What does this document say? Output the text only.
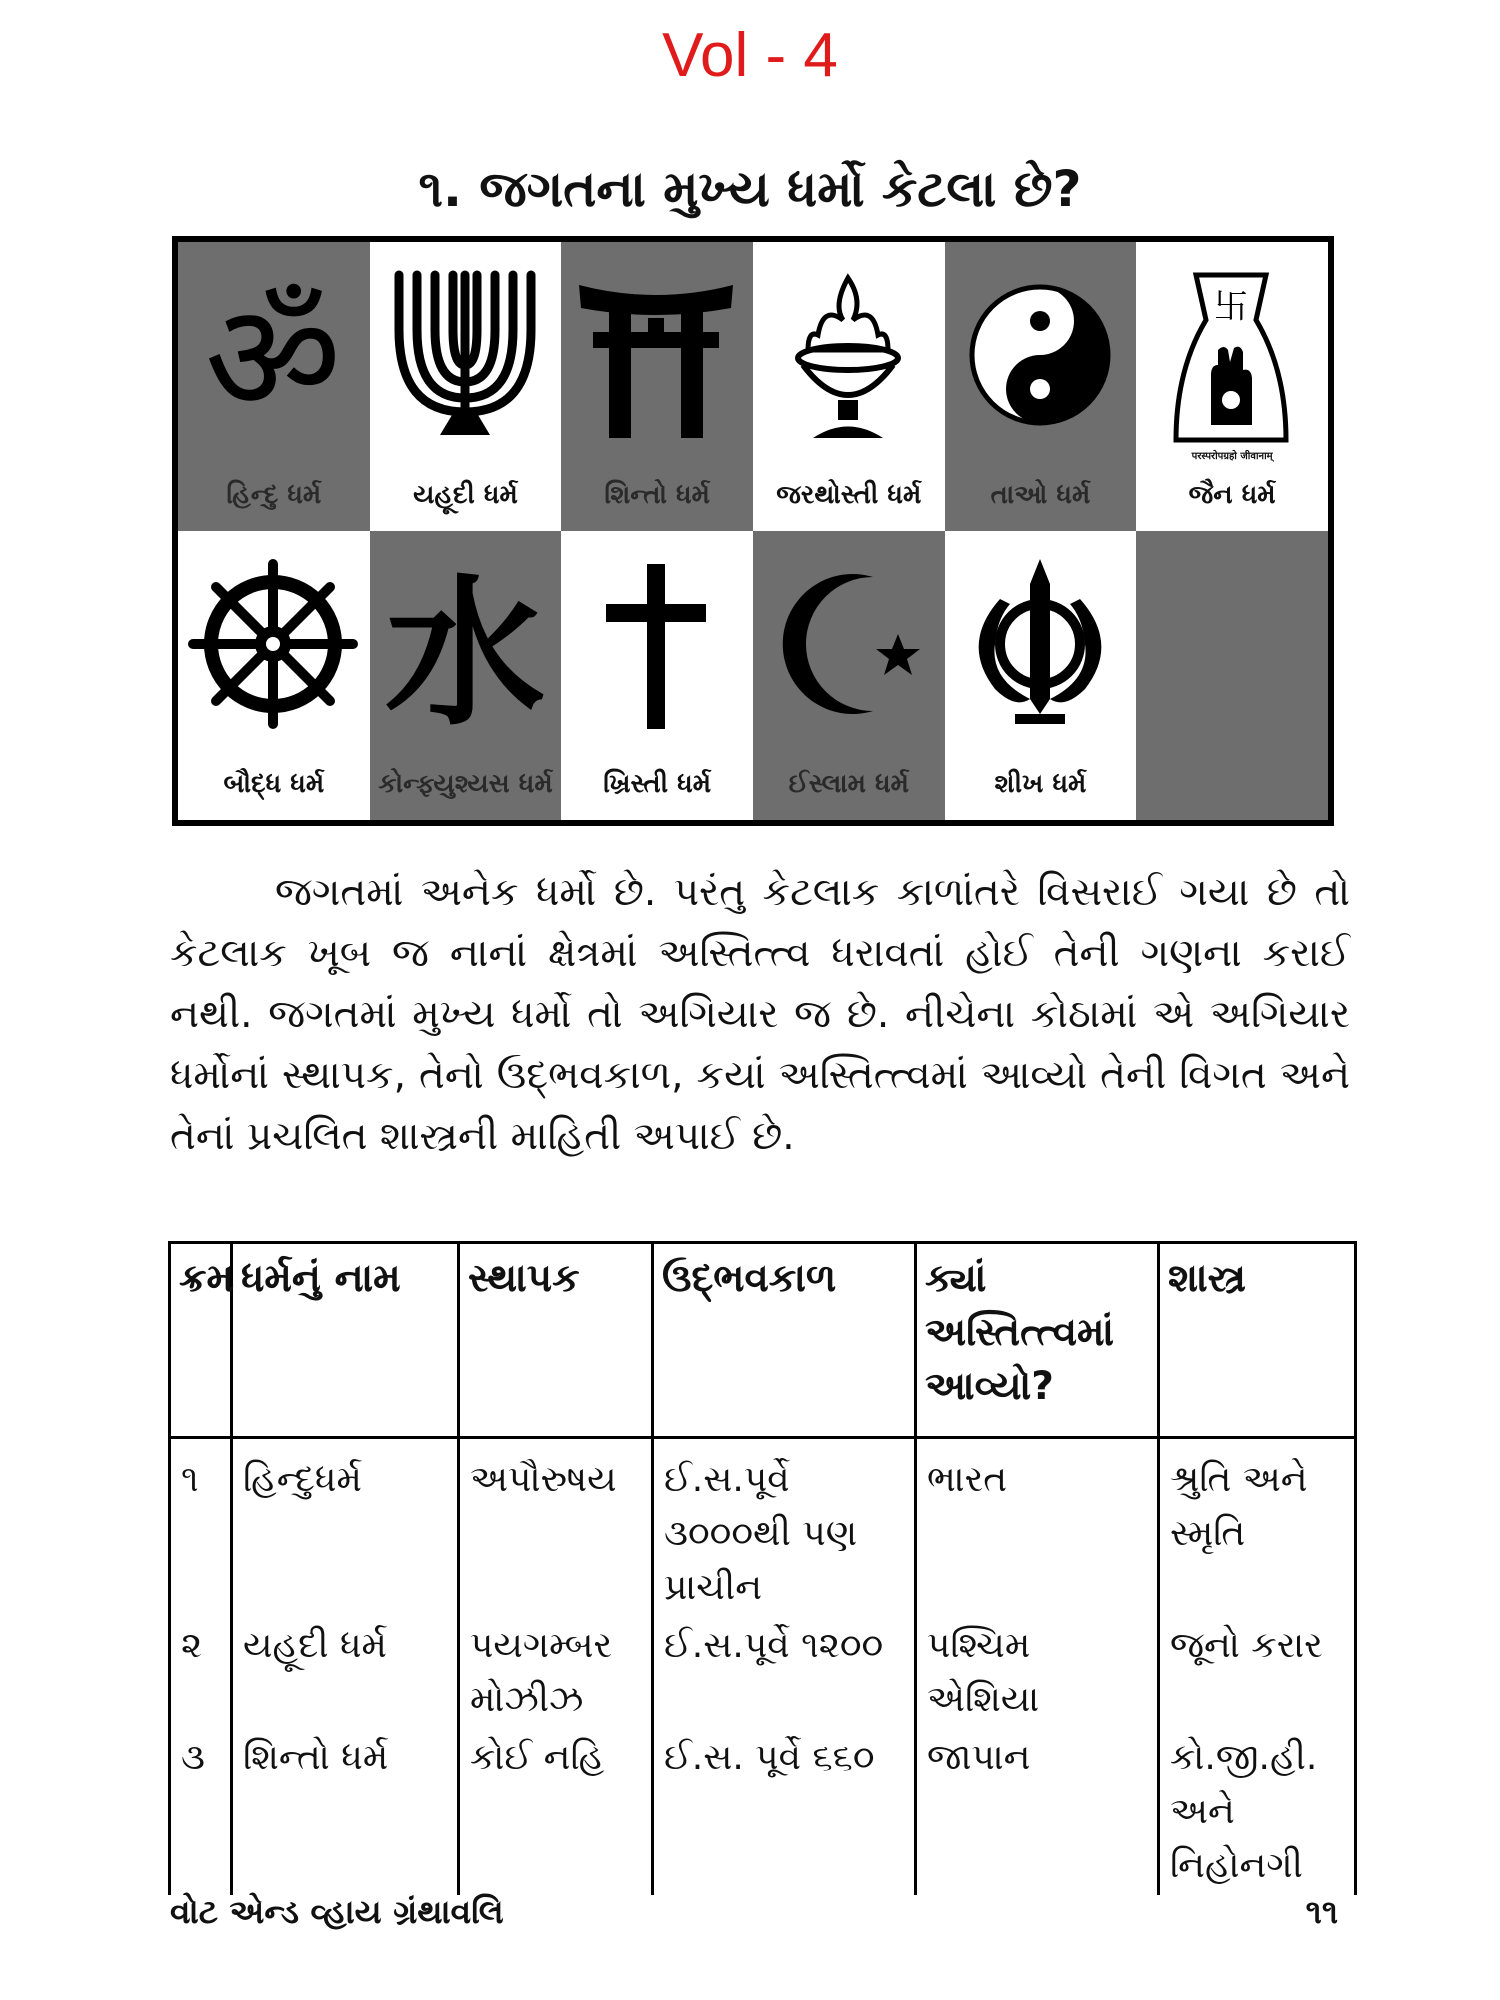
Vol - 4
૧. જગતના મુખ્ય ધર્મો કેટલા છે?
ॐ
હિન્દુ ધર્મ	યહૂદી ધર્મ	શિન્તો ધર્મ	જરથોસ્તી ધર્મ	તાઓ ધર્મ
卐
परस्परोपग्रहो जीवानाम्
જૈન ધર્મ
બૌદ્ધ ધર્મ
水
કોન્ફ્યુશ્યસ ધર્મ	ખ્રિસ્તી ધર્મ	ઈસ્લામ ધર્મ	શીખ ધર્મ

જગતમાં અનેક ધર્મો છે. પરંતુ કેટલાક કાળાંતરે વિસરાઈ ગયા છે તો કેટલાક ખૂબ જ નાનાં ક્ષેત્રમાં અસ્તિત્ત્વ ધરાવતાં હોઈ તેની ગણના કરાઈ નથી. જગતમાં મુખ્ય ધર્મો તો અગિયાર જ છે. નીચેના કોઠામાં એ અગિયાર ધર્મોનાં સ્થાપક, તેનો ઉદ્ભવકાળ, કયાં અસ્તિત્ત્વમાં આવ્યો તેની વિગત અને તેનાં પ્રચલિત શાસ્ત્રની માહિતી અપાઈ છે.

ક્રમ	ધર્મનું નામ	સ્થાપક	ઉદ્ભવકાળ	ક્યાં અસ્તિત્ત્વમાં આવ્યો?	શાસ્ત્ર
૧	હિન્દુધર્મ	અપૌરુષય	ઈ.સ.પૂર્વે ૩૦૦૦થી પણ પ્રાચીન	ભારત	શ્રુતિ અને સ્મૃતિ
૨	યહૂદી ધર્મ	પયગમ્બર મોઝીઝ	ઈ.સ.પૂર્વે ૧૨૦૦	પશ્ચિમ એશિયા	જૂનો કરાર
૩	શિન્તો ધર્મ	કોઈ નહિ	ઈ.સ. પૂર્વે ૬૬૦	જાપાન	કો.જી.હી. અને નિહોનગી
વોટ એન્ડ વ્હાય ગ્રંથાવલિ	૧૧
